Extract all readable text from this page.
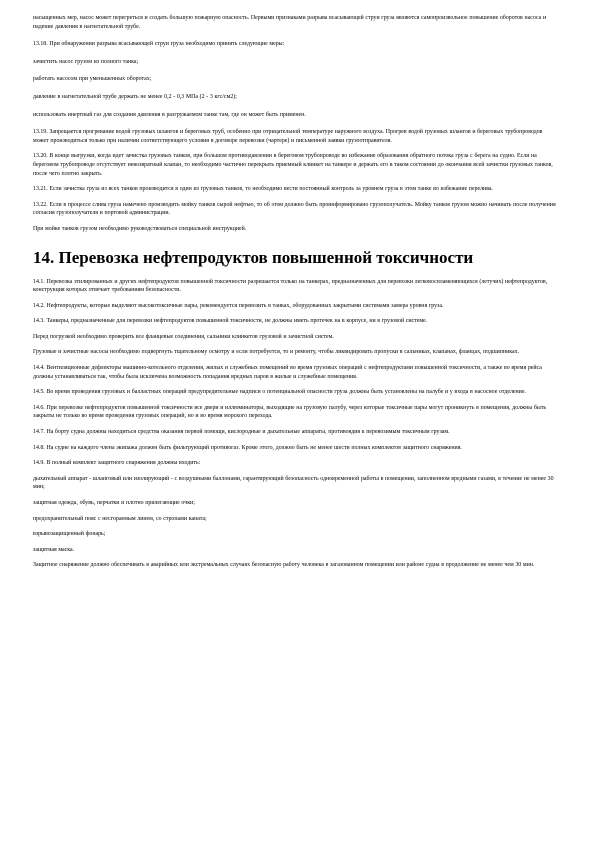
насыщенных мер, насос может перегреться и создать большую пожарную опасность. Первыми признаками разрыва всасывающей струи груза являются самопроизвольное повышение оборотов насоса и падение давления в нагнетательной трубе.

13.18. При обнаружении разрыва всасывающей струи груза необходимо принять следующие меры:

зачистить насос грузом из полного танка;

работать насосом при уменьшенных оборотах;

давление в нагнетательной трубе держать не менее 0,2 - 0,3 МПа (2 - 3 кгс/см2);

использовать инертный газ для создания давления в разгружаемом танке там, где он может быть применен.

13.19. Запрещается прогревание водой грузовых шлангов и береговых труб, особенно при отрицательной температуре наружного воздуха. Прогрев водой грузовых шлангов и береговых трубопроводов может производиться только при наличии соответствующего условия в договоре перевозки (чартере) и письменной заявки грузоотправителя.

13.20. В конце выгрузки, когда идет зачистка грузовых танков, при большом противодавлении в береговом трубопроводе во избежание образования обратного потока груза с берега на судно. Если на береговом трубопроводе отсутствует невозвратный клапан, то необходимо частично перекрыть приемный клинкет на танкере и держать его в таком состоянии до окончания всей зачистки грузовых танков, после чего плотно закрыть.

13.21. Если зачистка груза из всех танков производится в один из грузовых танков, то необходимо вести постоянный контроль за уровнем груза в этом танке во избежание перелива.

13.22. Если в процессе слива груза намечено производить мойку танков сырой нефтью, то об этом должно быть проинформировано грузополучатель. Мойку танков грузом можно начинать после получения согласия грузополучателя и портовой администрации.

При мойке танков грузом необходимо руководствоваться специальной инструкцией.

14. Перевозка нефтепродуктов повышенной токсичности

14.1. Перевозка этилированных и других нефтепродуктов повышенной токсичности разрешается только на танкерах, предназначенных для перевозки легковоспламеняющихся (летучих) нефтепродуктов, конструкция которых отвечает требованиям безопасности.

14.2. Нефтепродукты, которые выделяют высокотоксичные пары, рекомендуется перевозить в танках, оборудованных закрытыми системами замера уровня груза.

14.3. Танкеры, предназначенные для перевозки нефтепродуктов повышенной токсичности, не должны иметь протечек на в корпусе, ни в грузовой системе.

Перед погрузкой необходимо проверить все фланцевые соединения, сальники клинкетов грузовой и зачистной систем.

Грузовые и зачистные насосы необходимо подвергнуть тщательному осмотру и если потребуется, то и ремонту, чтобы ликвидировать пропуски в сальниках, клапанах, фланцах, подшипниках.

14.4. Вентиляционные дефлекторы машинно-котельного отделения, жилых и служебных помещений во время грузовых операций с нефтепродуктами повышенной токсичности, а также во время рейса должны устанавливаться так, чтобы была исключена возможность попадания вредных паров в жилые и служебные помещения.

14.5. Во время проведения грузовых и балластных операций предупредительные надписи о потенциальной опасности груза должны быть установлены на палубе и у входа в насосное отделение.

14.6. При перевозке нефтепродуктов повышенной токсичности все двери и иллюминаторы, выходящие на грузовую палубу, через которые токсичные пары могут проникнуть в помещения, должны быть закрыты не только во время проведения грузовых операций, но и во время морского перехода.

14.7. На борту судна должны находиться средства оказания первой помощи, кислородные и дыхательные аппараты, противоядия к перевозимым токсичным грузам.

14.8. На судне на каждого члена экипажа должен быть фильтрующий противогаз. Кроме этого, должно быть не менее шести полных комплектов защитного снаряжения.

14.9. В полный комплект защитного снаряжения должны входить:

дыхательный аппарат - шланговый или изолирующий - с воздушными баллонами, гарантирующий безопасность одновременной работы в помещении, заполненном вредными газами, в течение не менее 30 мин;

защитная одежда, обувь, перчатки и плотно прилегающие очки;

предохранительный пояс с несгораемым линем, со стропами каната;

взрывозащищенный фонарь;

защитная маска.

Защитное снаряжение должно обеспечивать в аварийных или экстремальных случаях безопасную работу человека в загазованном помещении или районе судна в продолжение не менее чем 30 мин.
